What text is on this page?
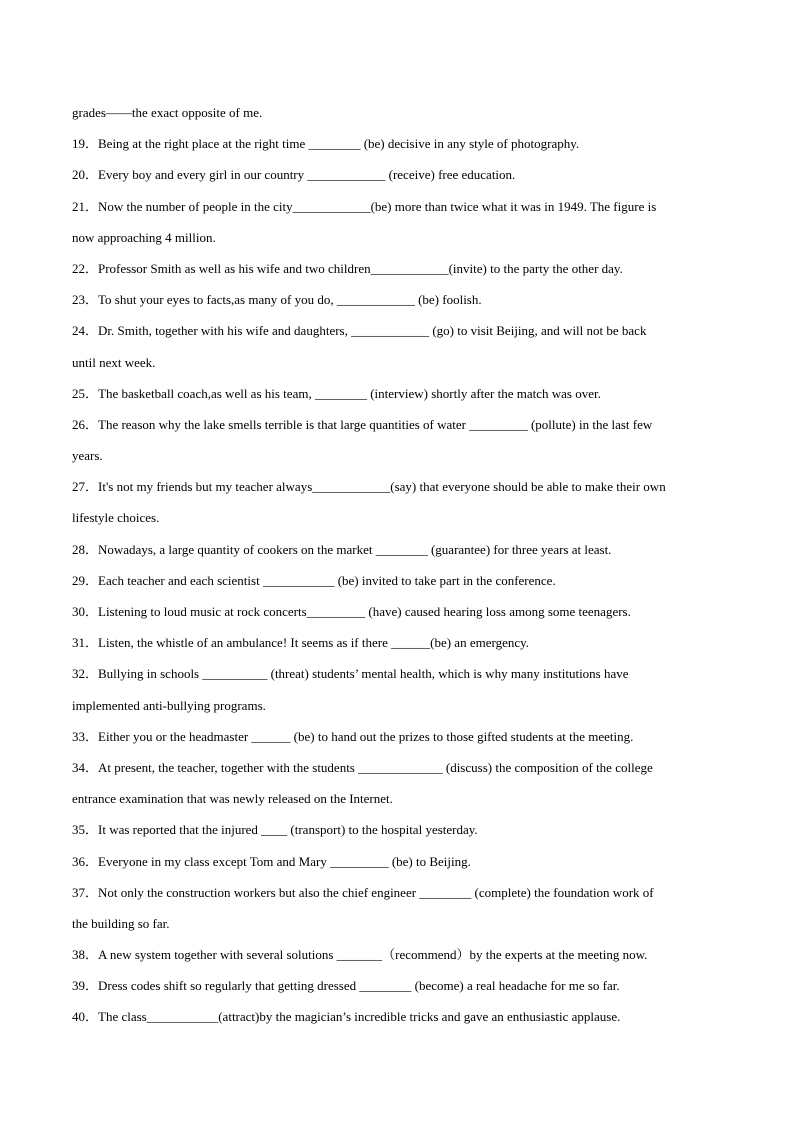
grades——the exact opposite of me.
19．Being at the right place at the right time ________ (be) decisive in any style of photography.
20．Every boy and every girl in our country ____________ (receive) free education.
21．Now the number of people in the city____________(be) more than twice what it was in 1949. The figure is
now approaching 4 million.
22．Professor Smith as well as his wife and two children____________(invite) to the party the other day.
23．To shut your eyes to facts,as many of you do, ____________ (be) foolish.
24．Dr. Smith, together with his wife and daughters, ____________ (go) to visit Beijing, and will not be back
until next week.
25．The basketball coach,as well as his team, ________ (interview) shortly after the match was over.
26．The reason why the lake smells terrible is that large quantities of water _________ (pollute) in the last few
years.
27．It's not my friends but my teacher always____________(say) that everyone should be able to make their own
lifestyle choices.
28．Nowadays, a large quantity of cookers on the market ________ (guarantee) for three years at least.
29．Each teacher and each scientist ___________ (be) invited to take part in the conference.
30．Listening to loud music at rock concerts_________ (have) caused hearing loss among some teenagers.
31．Listen, the whistle of an ambulance! It seems as if there ______(be) an emergency.
32．Bullying in schools __________ (threat) students’ mental health, which is why many institutions have
implemented anti-bullying programs.
33．Either you or the headmaster ______ (be) to hand out the prizes to those gifted students at the meeting.
34．At present, the teacher, together with the students _____________ (discuss) the composition of the college
entrance examination that was newly released on the Internet.
35．It was reported that the injured ____ (transport) to the hospital yesterday.
36．Everyone in my class except Tom and Mary _________ (be) to Beijing.
37．Not only the construction workers but also the chief engineer ________ (complete) the foundation work of
the building so far.
38．A new system together with several solutions _______（recommend）by the experts at the meeting now.
39．Dress codes shift so regularly that getting dressed ________ (become) a real headache for me so far.
40．The class___________(attract)by the magician’s incredible tricks and gave an enthusiastic applause.
